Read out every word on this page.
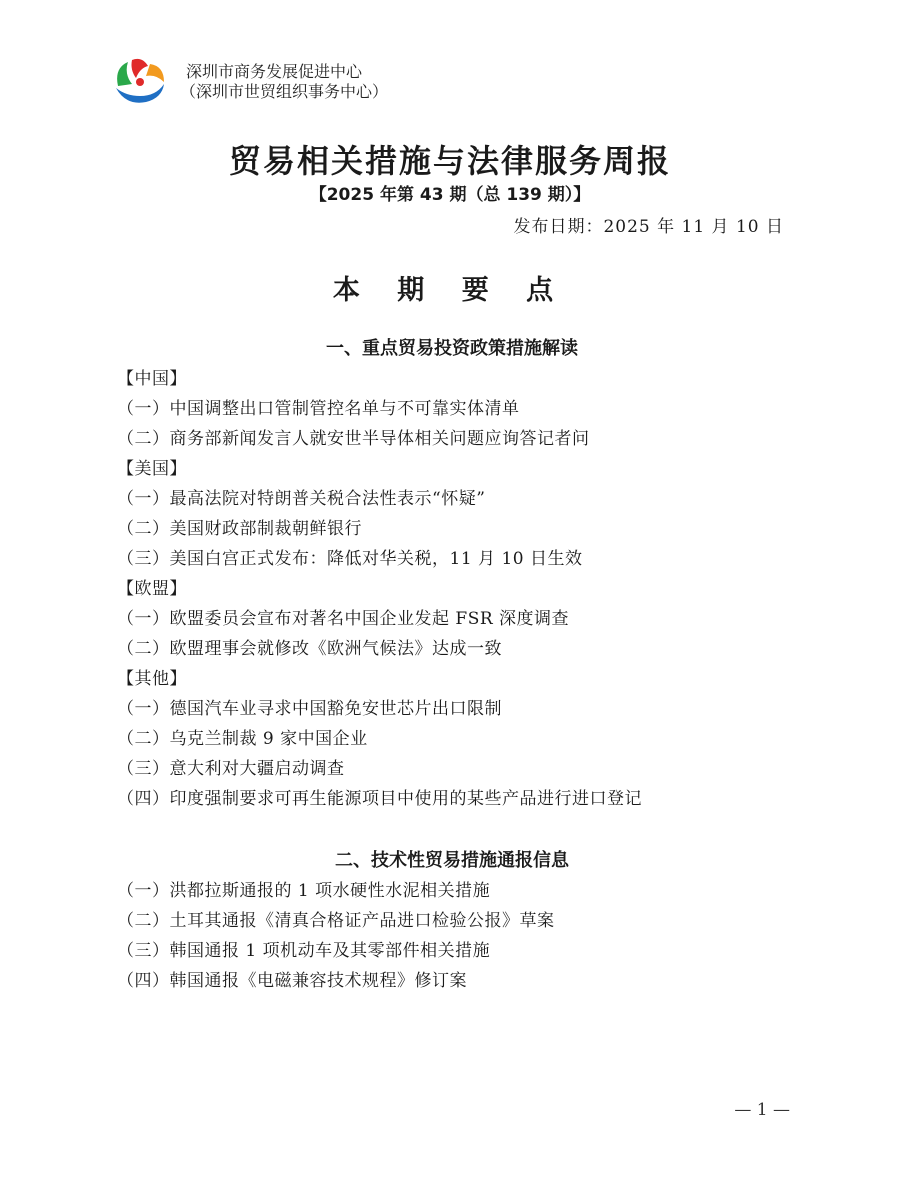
深圳市商务发展促进中心
（深圳市世贸组织事务中心）
贸易相关措施与法律服务周报
【2025 年第 43 期（总 139 期）】
发布日期：2025 年 11 月 10 日
本 期 要 点
一、重点贸易投资政策措施解读
【中国】
（一）中国调整出口管制管控名单与不可靠实体清单
（二）商务部新闻发言人就安世半导体相关问题应询答记者问
【美国】
（一）最高法院对特朗普关税合法性表示“怀疑”
（二）美国财政部制裁朝鲜银行
（三）美国白宫正式发布：降低对华关税，11 月 10 日生效
【欧盟】
（一）欧盟委员会宣布对著名中国企业发起 FSR 深度调查
（二）欧盟理事会就修改《欧洲气候法》达成一致
【其他】
（一）德国汽车业寻求中国豁免安世芯片出口限制
（二）乌克兰制裁 9 家中国企业
（三）意大利对大疆启动调查
（四）印度强制要求可再生能源项目中使用的某些产品进行进口登记
二、技术性贸易措施通报信息
（一）洪都拉斯通报的 1 项水硬性水泥相关措施
（二）土耳其通报《清真合格证产品进口检验公报》草案
（三）韩国通报 1 项机动车及其零部件相关措施
（四）韩国通报《电磁兼容技术规程》修订案
— 1 —
